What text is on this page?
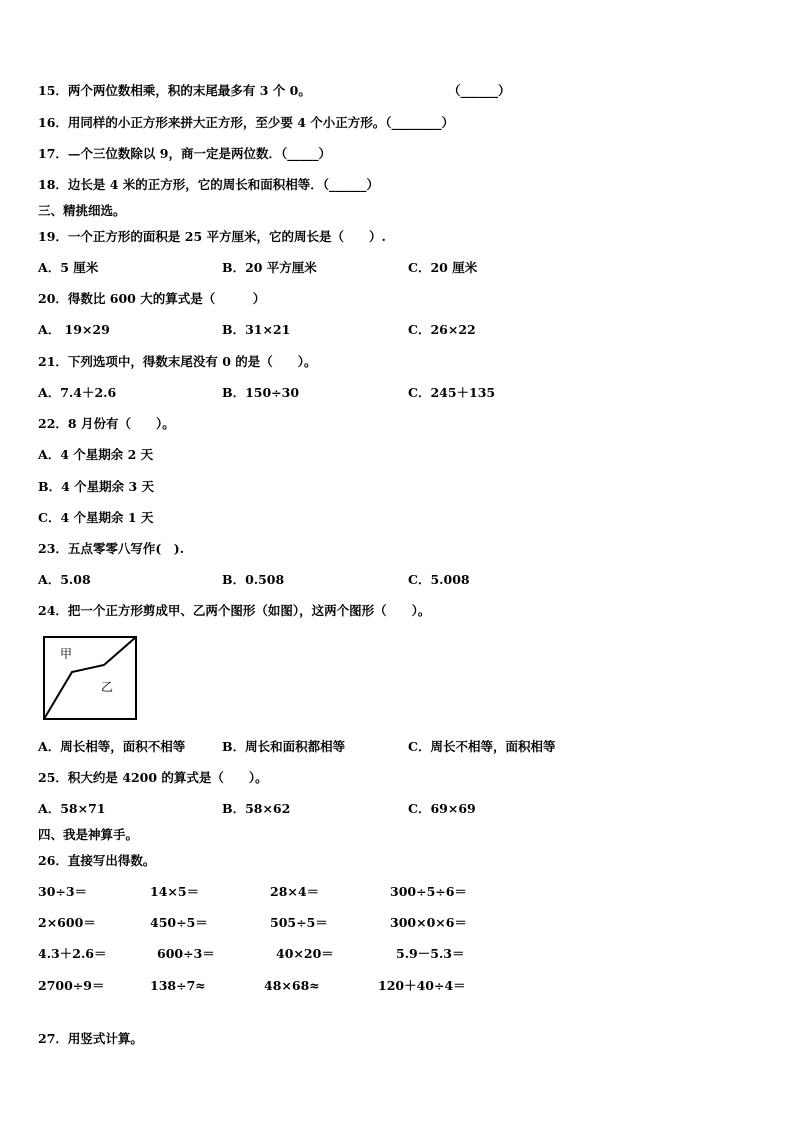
15．两个两位数相乘，积的末尾最多有 3 个 0。	（______）
16．用同样的小正方形来拼大正方形，至少要 4 个小正方形。（________）
17．—个三位数除以 9，商一定是两位数．（_____）
18．边长是 4 米的正方形，它的周长和面积相等．（______）
三、精挑细选。
19．一个正方形的面积是 25 平方厘米，它的周长是（　　）.
A．5 厘米	B．20 平方厘米	C．20 厘米
20．得数比 600 大的算式是（　　　）
A． 19×29	B．31×21	C．26×22
21．下列选项中，得数末尾没有 0 的是（　　）。
A．7.4＋2.6	B．150÷30	C．245＋135
22．8 月份有（　　）。
A．4 个星期余 2 天
B．4 个星期余 3 天
C．4 个星期余 1 天
23．五点零零八写作(　).
A．5.08	B．0.508	C．5.008
24．把一个正方形剪成甲、乙两个图形（如图），这两个图形（　　）。
甲
乙
A．周长相等，面积不相等	B．周长和面积都相等	C．周长不相等，面积相等
25．积大约是 4200 的算式是（　　）。
A．58×71	B．58×62	C．69×69
四、我是神算手。
26．直接写出得数。
30÷3＝	14×5＝	28×4＝	300÷5÷6＝
2×600＝	450÷5＝	505÷5＝	300×0×6＝
4.3＋2.6＝	600÷3＝	40×20＝	5.9－5.3＝
2700÷9＝	138÷7≈	48×68≈	120＋40÷4＝
27．用竖式计算。
